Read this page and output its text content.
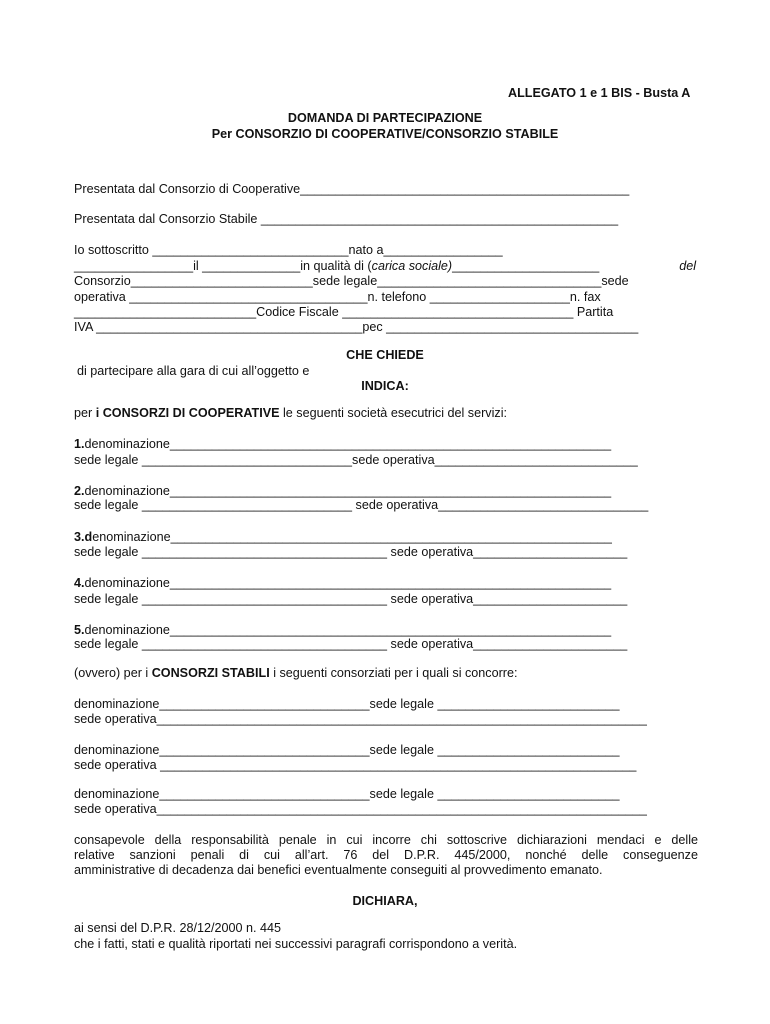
ALLEGATO 1 e 1 BIS - Busta A
DOMANDA DI PARTECIPAZIONE
Per CONSORZIO DI COOPERATIVE/CONSORZIO STABILE
Presentata dal Consorzio di Cooperative_______________________________________________
Presentata dal Consorzio Stabile ___________________________________________________
Io sottoscritto ____________________________nato a_________________
_________________il ______________in qualità di (carica sociale)_____________________	del
Consorzio__________________________sede legale________________________________sede
operativa __________________________________n. telefono ____________________n. fax
__________________________Codice Fiscale _________________________________ Partita
IVA ______________________________________pec ____________________________________
CHE CHIEDE
di partecipare alla gara di cui all’oggetto e
INDICA:
per i CONSORZI DI COOPERATIVE le seguenti società esecutrici del servizi:
1.denominazione_______________________________________________________________
sede legale ______________________________sede operativa_____________________________
2.denominazione_______________________________________________________________
sede legale ______________________________ sede operativa______________________________
3.denominazione_______________________________________________________________
sede legale ___________________________________ sede operativa______________________
4.denominazione_______________________________________________________________
sede legale ___________________________________ sede operativa______________________
5.denominazione_______________________________________________________________
sede legale ___________________________________ sede operativa______________________
(ovvero) per i CONSORZI STABILI i seguenti consorziati per i quali si concorre:
denominazione______________________________sede legale __________________________
sede operativa______________________________________________________________________
denominazione______________________________sede legale __________________________
sede operativa ____________________________________________________________________
denominazione______________________________sede legale __________________________
sede operativa______________________________________________________________________
consapevole della responsabilità penale in cui incorre chi sottoscrive dichiarazioni mendaci e delle
relative sanzioni penali di cui all’art. 76 del D.P.R. 445/2000, nonché delle conseguenze
amministrative di decadenza dai benefici eventualmente conseguiti al provvedimento emanato.
DICHIARA,
ai sensi del D.P.R. 28/12/2000 n. 445
che i fatti, stati e qualità riportati nei successivi paragrafi corrispondono a verità.
